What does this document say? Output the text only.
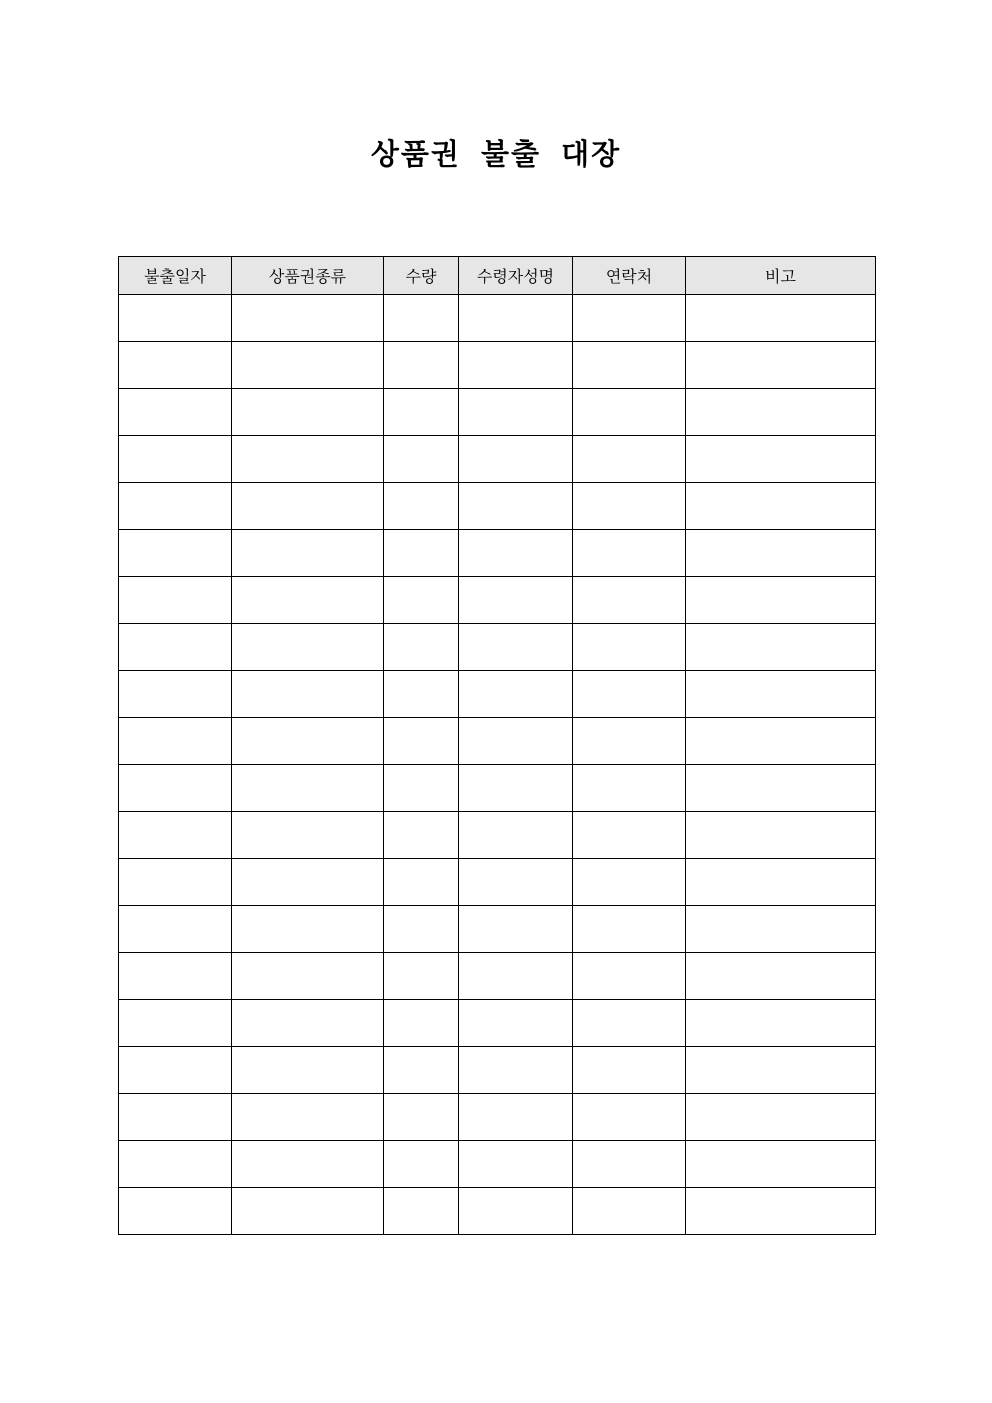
상품권 불출 대장
불출일자	상품권종류	수량	수령자성명	연락처	비고
